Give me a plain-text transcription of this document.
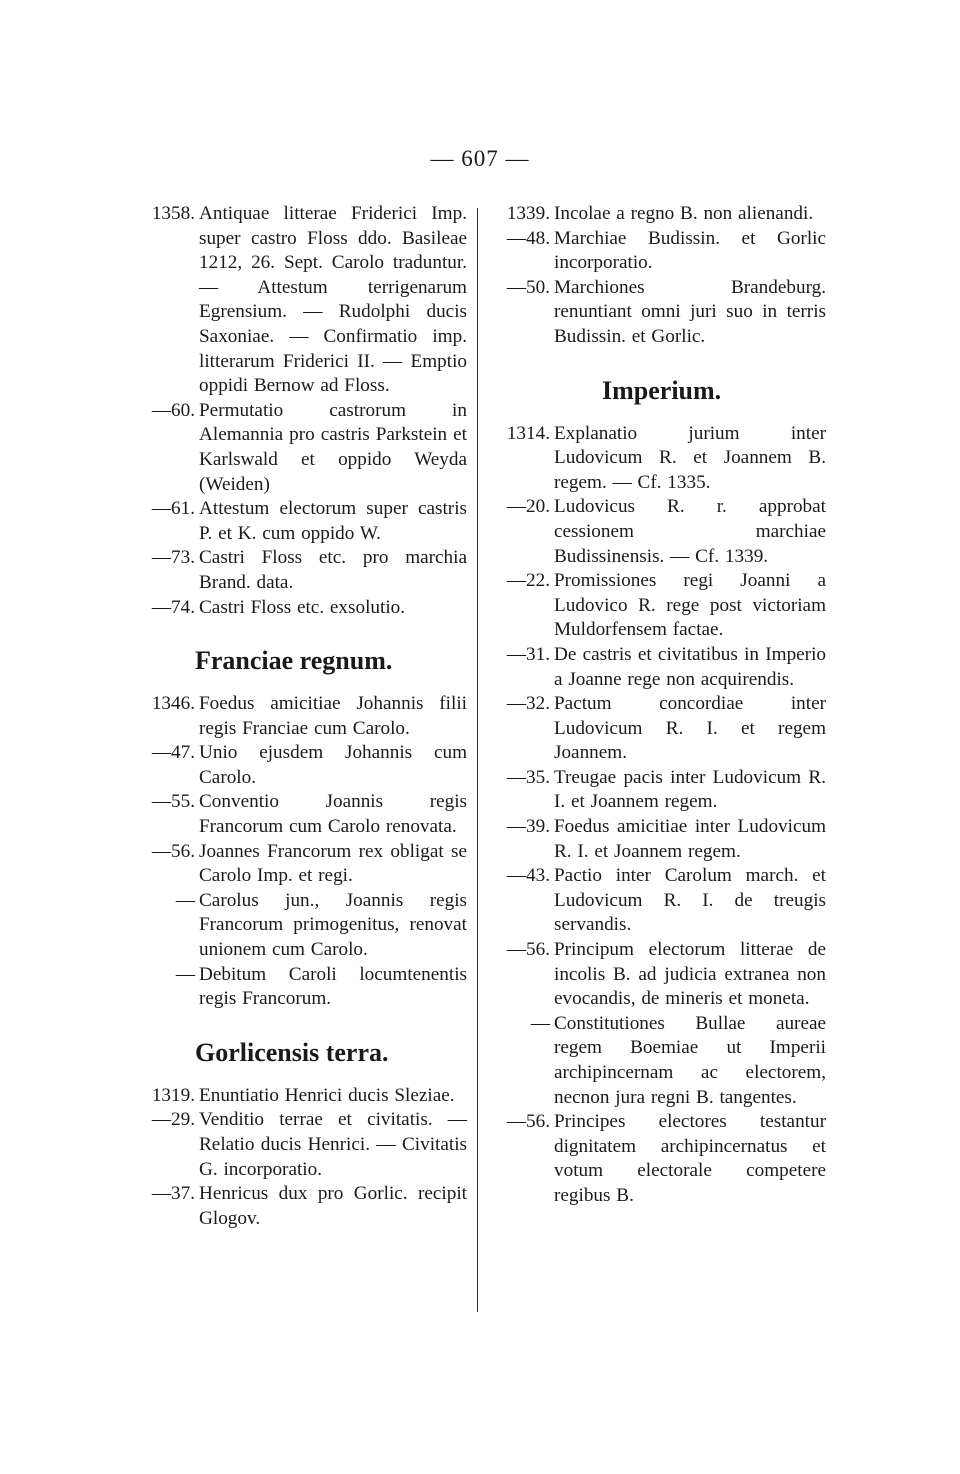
— 607 —
1358. Antiquae litterae Friderici Imp. super castro Floss ddo. Basileae 1212, 26. Sept. Carolo traduntur. — Attestum terrigenarum Egrensium. — Rudolphi ducis Saxoniae. — Confirmatio imp. litterarum Friderici II. — Emptio oppidi Bernow ad Floss.
—60. Permutatio castrorum in Alemannia pro castris Parkstein et Karlswald et oppido Weyda (Weiden)
—61. Attestum electorum super castris P. et K. cum oppido W.
—73. Castri Floss etc. pro marchia Brand. data.
—74. Castri Floss etc. exsolutio.
Franciae regnum.
1346. Foedus amicitiae Johannis filii regis Franciae cum Carolo.
—47. Unio ejusdem Johannis cum Carolo.
—55. Conventio Joannis regis Francorum cum Carolo renovata.
—56. Joannes Francorum rex obligat se Carolo Imp. et regi.
— Carolus jun., Joannis regis Francorum primogenitus, renovat unionem cum Carolo.
— Debitum Caroli locumtenentis regis Francorum.
Gorlicensis terra.
1319. Enuntiatio Henrici ducis Sleziae.
—29. Venditio terrae et civitatis. — Relatio ducis Henrici. — Civitatis G. incorporatio.
—37. Henricus dux pro Gorlic. recipit Glogov.
1339. Incolae a regno B. non alienandi.
—48. Marchiae Budissin. et Gorlic incorporatio.
—50. Marchiones Brandeburg. renuntiant omni juri suo in terris Budissin. et Gorlic.
Imperium.
1314. Explanatio jurium inter Ludovicum R. et Joannem B. regem. — Cf. 1335.
—20. Ludovicus R. r. approbat cessionem marchiae Budissinensis. — Cf. 1339.
—22. Promissiones regi Joanni a Ludovico R. rege post victoriam Muldorfensem factae.
—31. De castris et civitatibus in Imperio a Joanne rege non acquirendis.
—32. Pactum concordiae inter Ludovicum R. I. et regem Joannem.
—35. Treugae pacis inter Ludovicum R. I. et Joannem regem.
—39. Foedus amicitiae inter Ludovicum R. I. et Joannem regem.
—43. Pactio inter Carolum march. et Ludovicum R. I. de treugis servandis.
—56. Principum electorum litterae de incolis B. ad judicia extranea non evocandis, de mineris et moneta.
— Constitutiones Bullae aureae regem Boemiae ut Imperii archipincernam ac electorem, necnon jura regni B. tangentes.
—56. Principes electores testantur dignitatem archipincernatus et votum electorale competere regibus B.
